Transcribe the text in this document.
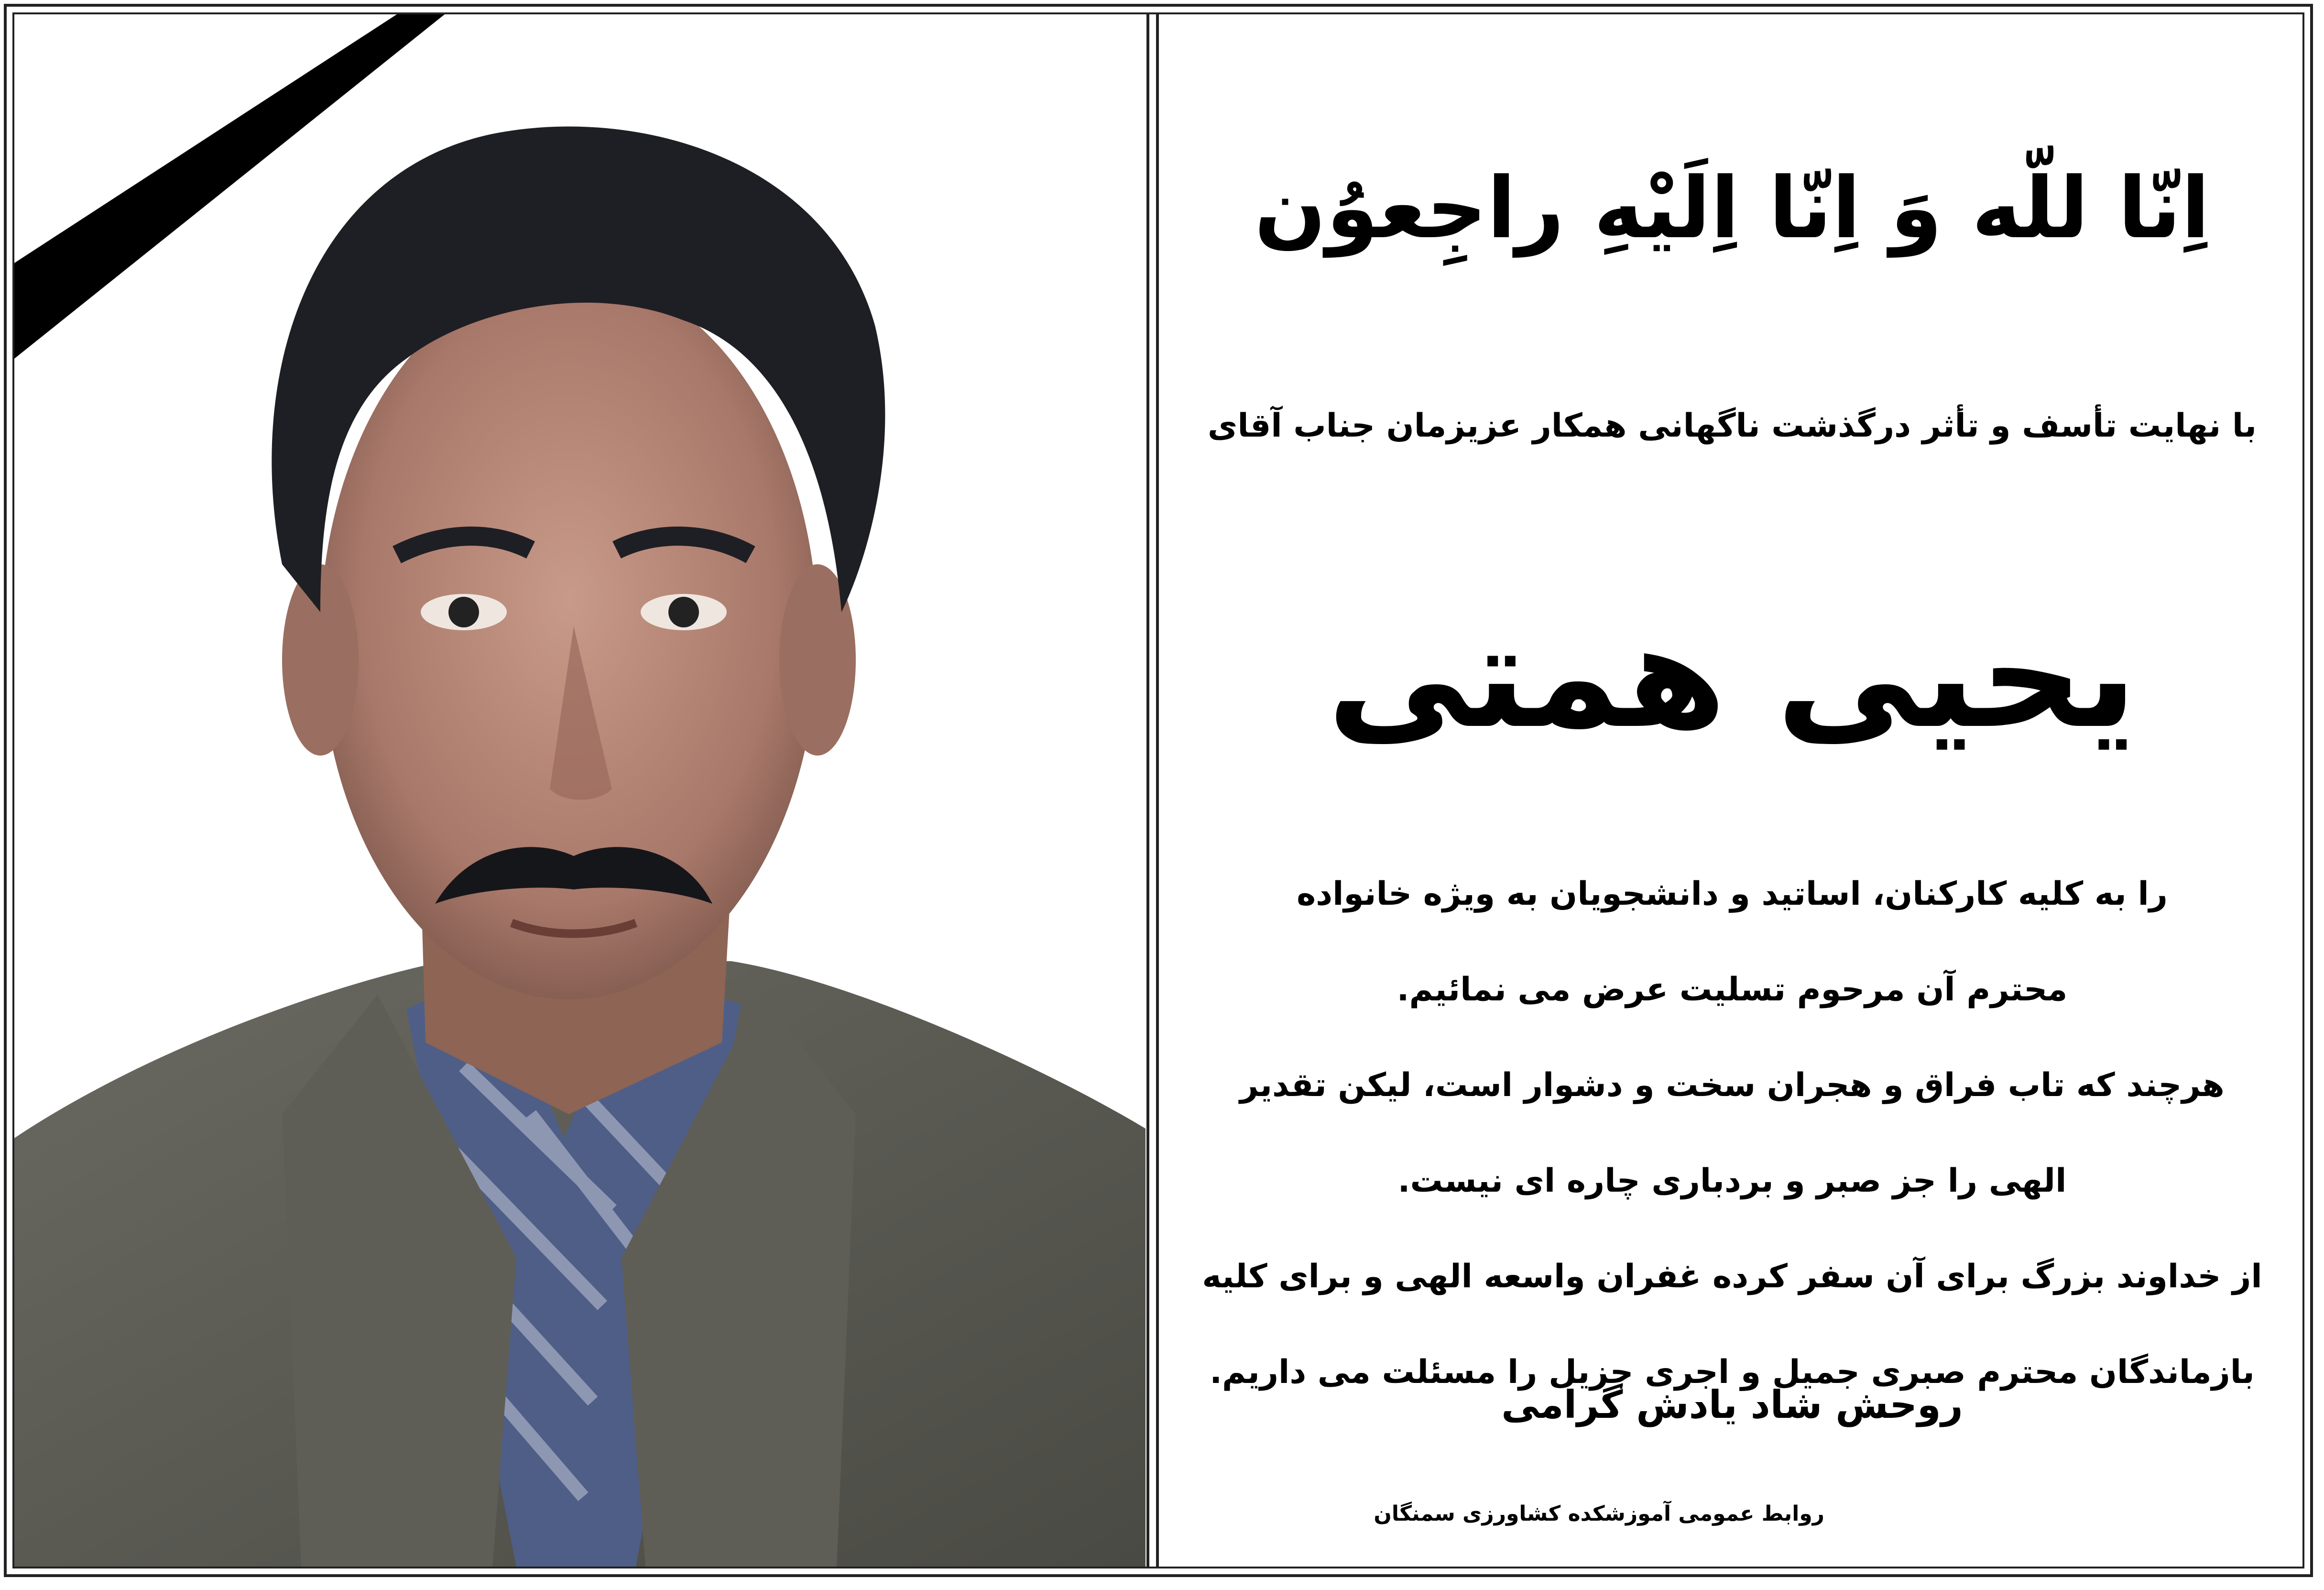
اِنّا للّه وَ اِنّا اِلَیْهِ راجِعوُن
با نهایت تأسف و تأثر درگذشت ناگهانی همکار عزیزمان جناب آقای
یحیی همتی
را به کلیه کارکنان، اساتید و دانشجویان به ویژه خانواده
محترم آن مرحوم تسلیت عرض می نمائیم.
هرچند که تاب فراق و هجران سخت و دشوار است، لیکن تقدیر
الهی را جز صبر و بردباری چاره ای نیست.
از خداوند بزرگ برای آن سفر کرده غفران واسعه الهی و برای کلیه
بازماندگان محترم صبری جمیل و اجری جزیل را مسئلت می داریم.
روحش شاد یادش گرامی
روابط عمومی آموزشکده کشاورزی سمنگان
